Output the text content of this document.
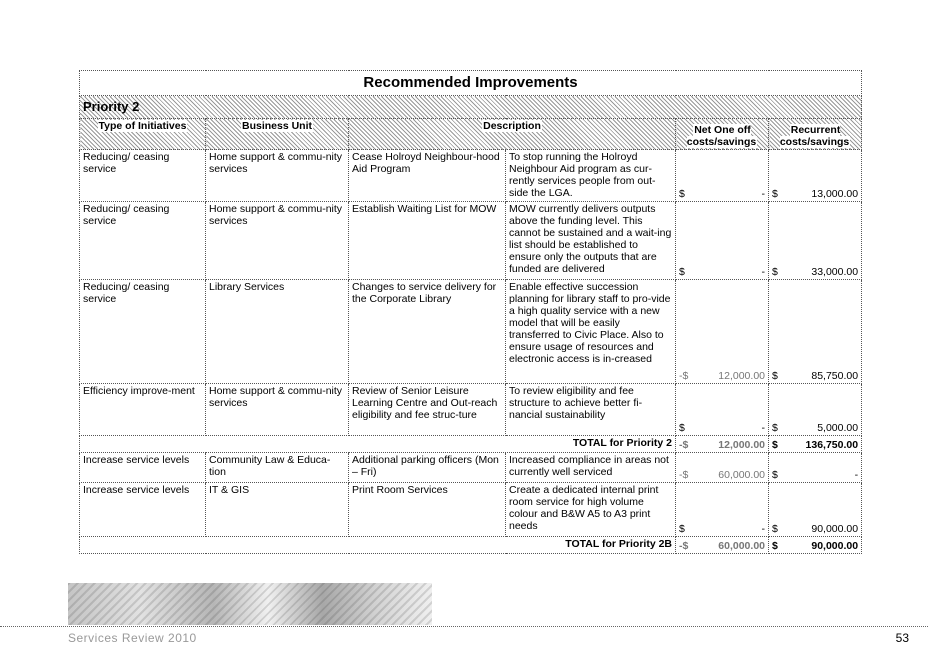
Recommended Improvements					
Priority 2					
Type of Initiatives	Business Unit	Description		Net One off costs/savings	Recurrent costs/savings
Reducing/ ceasing service	Home support & commu-nity services	Cease Holroyd Neighbour-hood Aid Program	To stop running the Holroyd Neighbour Aid program as cur-rently services people from out-side the LGA.	$ -	$ 13,000.00

Reducing/ ceasing service	Home support & commu-nity services	Establish Waiting List for MOW	MOW currently delivers outputs above the funding level. This cannot be sustained and a wait-ing list should be established to ensure only the outputs that are funded are delivered	$ -	$ 33,000.00

Reducing/ ceasing service	Library Services	Changes to service delivery for the Corporate Library	Enable effective succession planning for library staff to pro-vide a high quality service with a new model that will be easily transferred to Civic Place. Also to ensure usage of resources and electronic access is in-creased	-$ 12,000.00	$ 85,750.00

Efficiency improve-ment	Home support & commu-nity services	Review of Senior Leisure Learning Centre and Out-reach eligibility and fee struc-ture	To review eligibility and fee structure to achieve better fi-nancial sustainability	$ -	$ 5,000.00

TOTAL for Priority 2				-$ 12,000.00	$ 136,750.00

Increase service levels	Community Law & Educa-tion	Additional parking officers (Mon – Fri)	Increased compliance in areas not currently well serviced	-$ 60,000.00	$ -

Increase service levels	IT & GIS	Print Room Services	Create a dedicated internal print room service for high volume colour and B&W A5 to A3 print needs	$ -	$ 90,000.00

TOTAL for Priority 2B				-$ 60,000.00	$ 90,000.00
Services Review 2010	53
